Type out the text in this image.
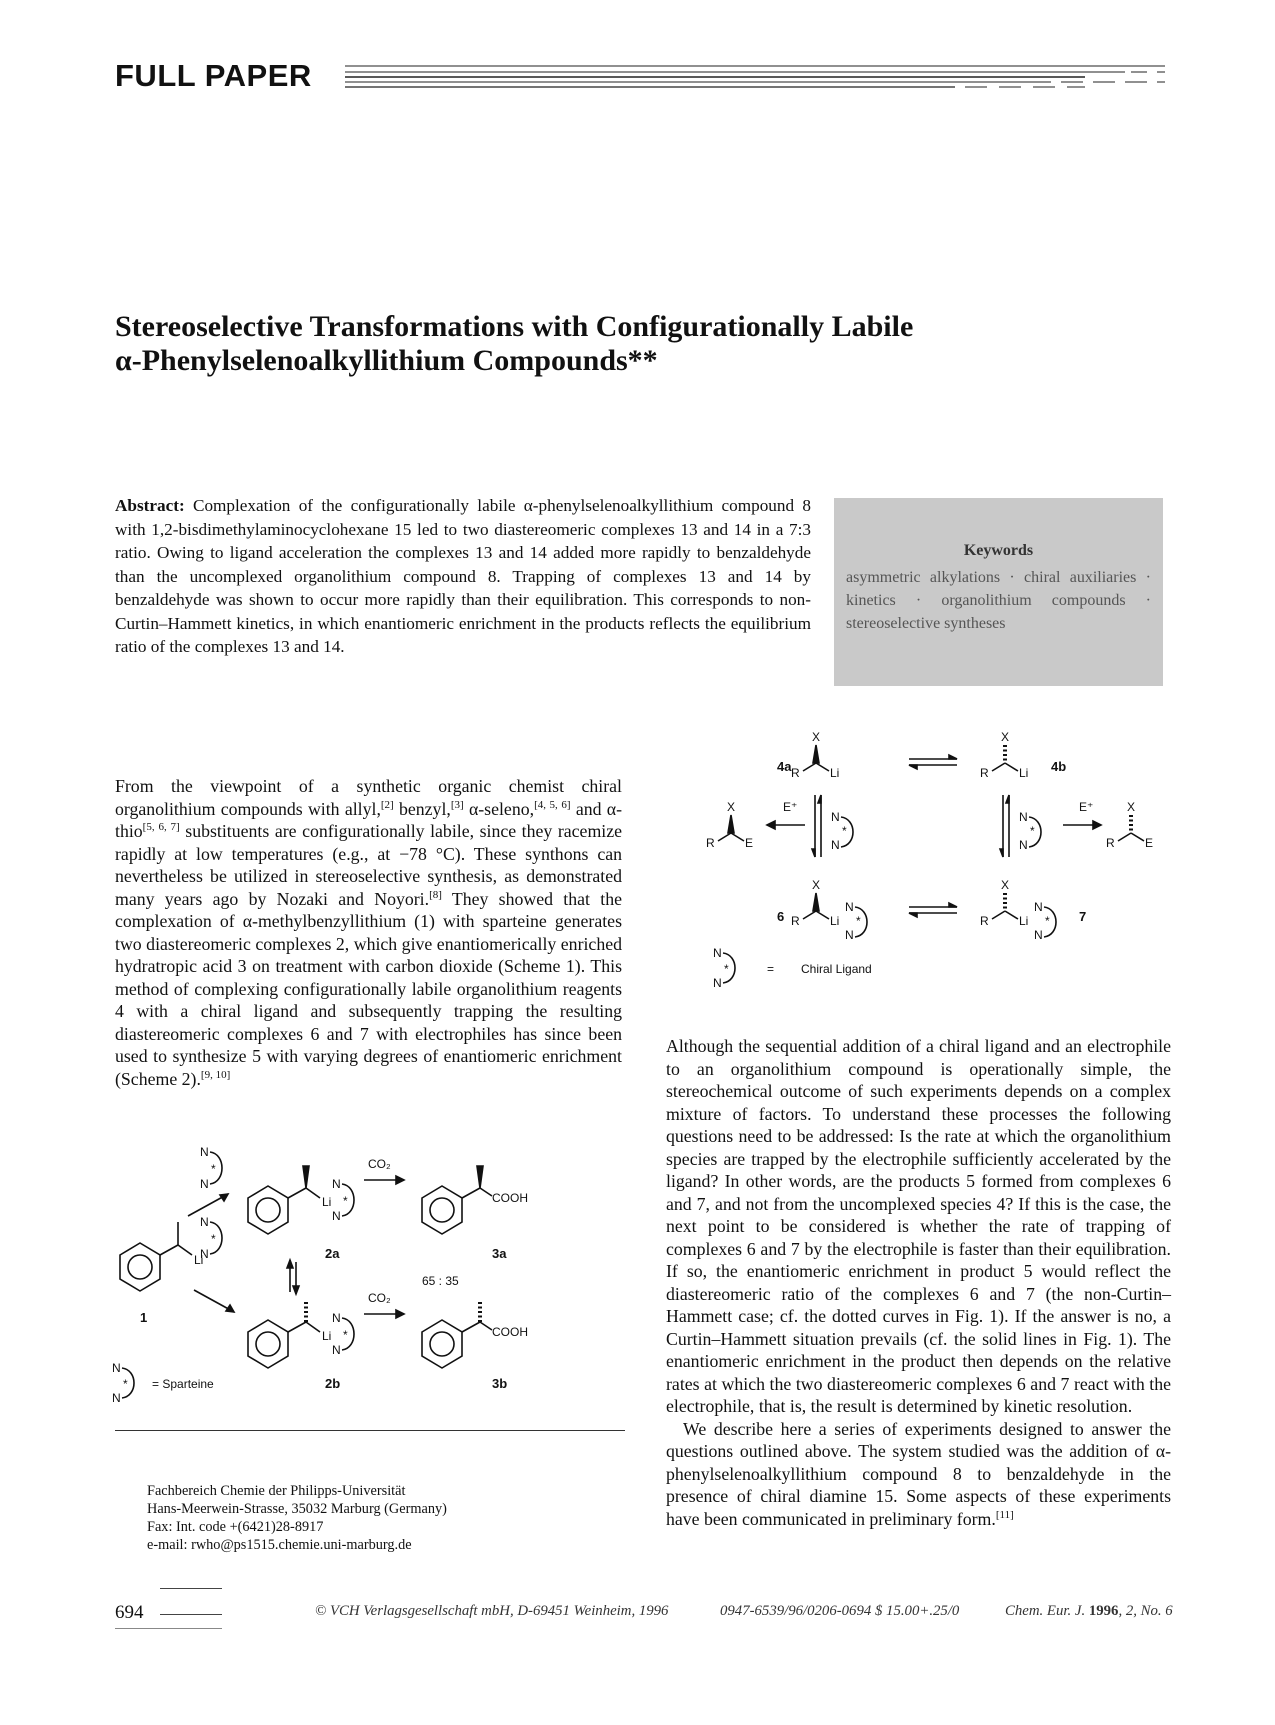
FULL PAPER
Stereoselective Transformations with Configurationally Labile
α-Phenylselenoalkyllithium Compounds**
Abstract: Complexation of the configurationally labile α-phenylselenoalkyllithium compound 8 with 1,2-bisdimethylaminocyclohexane 15 led to two diastereomeric complexes 13 and 14 in a 7:3 ratio. Owing to ligand acceleration the complexes 13 and 14 added more rapidly to benzaldehyde than the uncomplexed organolithium compound 8. Trapping of complexes 13 and 14 by benzaldehyde was shown to occur more rapidly than their equilibration. This corresponds to non-Curtin–Hammett kinetics, in which enantiomeric enrichment in the products reflects the equilibrium ratio of the complexes 13 and 14.
Keywords
asymmetric alkylations · chiral auxiliaries · kinetics · organolithium compounds · stereoselective syntheses
From the viewpoint of a synthetic organic chemist chiral organolithium compounds with allyl,[2] benzyl,[3] α-seleno,[4, 5, 6] and α-thio[5, 6, 7] substituents are configurationally labile, since they racemize rapidly at low temperatures (e.g., at −78 °C). These synthons can nevertheless be utilized in stereoselective synthesis, as demonstrated many years ago by Nozaki and Noyori.[8] They showed that the complexation of α-methylbenzyllithium (1) with sparteine generates two diastereomeric complexes 2, which give enantiomerically enriched hydratropic acid 3 on treatment with carbon dioxide (Scheme 1). This method of complexing configurationally labile organolithium reagents 4 with a chiral ligand and subsequently trapping the resulting diastereomeric complexes 6 and 7 with electrophiles has since been used to synthesize 5 with varying degrees of enantiomeric enrichment (Scheme 2).[9, 10]
Li
1
N
N
*
N
N
*
Li
N
N
*
2a
CO₂
COOH
3a
65 : 35
Li
N
N
*
2b
CO₂
COOH
3b
N
N
* = Sparteine
4a
X
R	Li
X
R	Li 4b
X
R	E
E⁺
N
N
*
N
N
*
E⁺	X
R	E
6
X
R	Li
N
N
*
X
R	Li
N
N
* 7
N
N
*	= Chiral Ligand

Although the sequential addition of a chiral ligand and an electrophile to an organolithium compound is operationally simple, the stereochemical outcome of such experiments depends on a complex mixture of factors. To understand these processes the following questions need to be addressed: Is the rate at which the organolithium species are trapped by the electrophile sufficiently accelerated by the ligand? In other words, are the products 5 formed from complexes 6 and 7, and not from the uncomplexed species 4? If this is the case, the next point to be considered is whether the rate of trapping of complexes 6 and 7 by the electrophile is faster than their equilibration. If so, the enantiomeric enrichment in product 5 would reflect the diastereomeric ratio of the complexes 6 and 7 (the non-Curtin–Hammett case; cf. the dotted curves in Fig. 1). If the answer is no, a Curtin–Hammett situation prevails (cf. the solid lines in Fig. 1). The enantiomeric enrichment in the product then depends on the relative rates at which the two diastereomeric complexes 6 and 7 react with the electrophile, that is, the result is determined by kinetic resolution.

We describe here a series of experiments designed to answer the questions outlined above. The system studied was the addition of α-phenylselenoalkyllithium compound 8 to benzaldehyde in the presence of chiral diamine 15. Some aspects of these experiments have been communicated in preliminary form.[11]

Fachbereich Chemie der Philipps-Universität
Hans-Meerwein-Strasse, 35032 Marburg (Germany)
Fax: Int. code +(6421)28-8917
e-mail: rwho@ps1515.chemie.uni-marburg.de
694	© VCH Verlagsgesellschaft mbH, D-69451 Weinheim, 1996	0947-6539/96/0206-0694 $ 15.00+.25/0	Chem. Eur. J. 1996, 2, No. 6
